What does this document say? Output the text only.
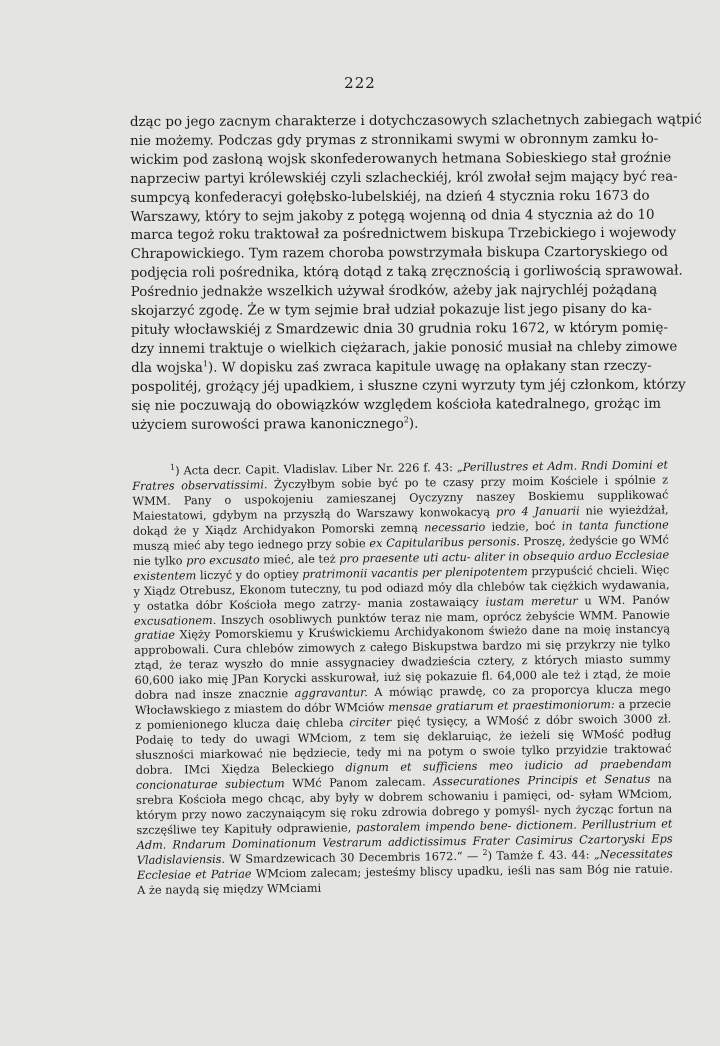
222

dząc po jego zacnym charakterze i dotychczasowych szlachetnych zabiegach wątpić
nie możemy. Podczas gdy prymas z stronnikami swymi w obronnym zamku ło-
wickim pod zasłoną wojsk skonfederowanych hetmana Sobieskiego stał groźnie
naprzeciw partyi królewskiéj czyli szlacheckiéj, król zwołał sejm mający być rea-
sumpcyą konfederacyi gołębsko-lubelskiéj, na dzień 4 stycznia roku 1673 do
Warszawy, który to sejm jakoby z potęgą wojenną od dnia 4 stycznia aż do 10
marca tegoż roku traktował za pośrednictwem biskupa Trzebickiego i wojewody
Chrapowickiego. Tym razem choroba powstrzymała biskupa Czartoryskiego od
podjęcia roli pośrednika, którą dotąd z taką zręcznością i gorliwością sprawował.
Pośrednio jednakże wszelkich używał środków, ażeby jak najrychléj pożądaną
skojarzyć zgodę. Że w tym sejmie brał udział pokazuje list jego pisany do ka-
pituły włocławskiéj z Smardzewic dnia 30 grudnia roku 1672, w którym pomię-
dzy innemi traktuje o wielkich ciężarach, jakie ponosić musiał na chleby zimowe
dla wojska$^1$). W dopisku zaś zwraca kapitule uwagę na opłakany stan rzeczy-
pospolitéj, grożący jéj upadkiem, i słuszne czyni wyrzuty tym jéj członkom, którzy
się nie poczuwają do obowiązków względem kościoła katedralnego, grożąc im
użyciem surowości prawa kanonicznego$^2$).

$^1$) Acta decr. Capit. Vladislav. Liber Nr. 226 f. 43: „Perillustres et Adm. Rndi Domini et Fratres observatissimi. Życzyłbym sobie być po te czasy przy moim Kościele i spólnie z WMM. Pany o uspokojeniu zamieszanej Oyczyzny naszey Boskiemu supplikować Maiestatowi, gdybym na przyszłą do Warszawy konwokacyą pro 4 Januarii nie wyieżdżał, dokąd że y Xiądz Archidyakon Pomorski zemną necessario iedzie, boć in tanta functione muszą mieć aby tego iednego przy sobie ex Capitularibus personis. Proszę, żedyście go WMć nie tylko pro excusato mieć, ale też pro praesente uti actu- aliter in obsequio arduo Ecclesiae existentem liczyć y do optiey pratrimonii vacantis per plenipotentem przypuścić chcieli. Więc y Xiądz Otrebusz, Ekonom tuteczny, tu pod odiazd móy dla chlebów tak ciężkich wydawania, y ostatka dóbr Kościoła mego zatrzy- mania zostawaiący iustam meretur u WM. Panów excusationem. Inszych osobliwych punktów teraz nie mam, oprócz żebyście WMM. Panowie gratiae Xięży Pomorskiemu y Kruświckiemu Archidyakonom świeżo dane na moię instancyą approbowali. Cura chlebów zimowych z całego Biskupstwa bardzo mi się przykrzy nie tylko ztąd, że teraz wyszło do mnie assygnaciey dwadzieścia cztery, z których miasto summy 60,600 iako mię JPan Korycki asskurował, iuż się pokazuie fl. 64,000 ale też i ztąd, że moie dobra nad insze znacznie aggravantur. A mówiąc prawdę, co za proporcya klucza mego Włocławskiego z miastem do dóbr WMciów mensae gratiarum et praestimoniorum: a przecie z pomienionego klucza daię chleba circiter pięć tysięcy, a WMość z dóbr swoich 3000 zł. Podaię to tedy do uwagi WMciom, z tem się deklaruiąc, że ieżeli się WMość podług słuszności miarkować nie będziecie, tedy mi na potym o swoie tylko przyidzie traktować dobra. IMci Xiędza Beleckiego dignum et sufficiens meo iudicio ad praebendam concionaturae subiectum WMć Panom zalecam. Assecurationes Principis et Senatus na srebra Kościoła mego chcąc, aby były w dobrem schowaniu i pamięci, od- syłam WMciom, którym przy nowo zaczynaiącym się roku zdrowia dobrego y pomyśl- nych życząc fortun na szczęśliwe tey Kapituły odprawienie, pastoralem impendo bene- dictionem. Perillustrium et Adm. Rndarum Dominationum Vestrarum addictissimus Frater Casimirus Czartoryski Eps Vladislaviensis. W Smardzewicach 30 Decembris 1672.“ — $^2$) Tamże f. 43. 44: „Necessitates Ecclesiae et Patriae WMciom zalecam; jesteśmy bliscy upadku, ieśli nas sam Bóg nie ratuie. A że naydą się między WMciami
